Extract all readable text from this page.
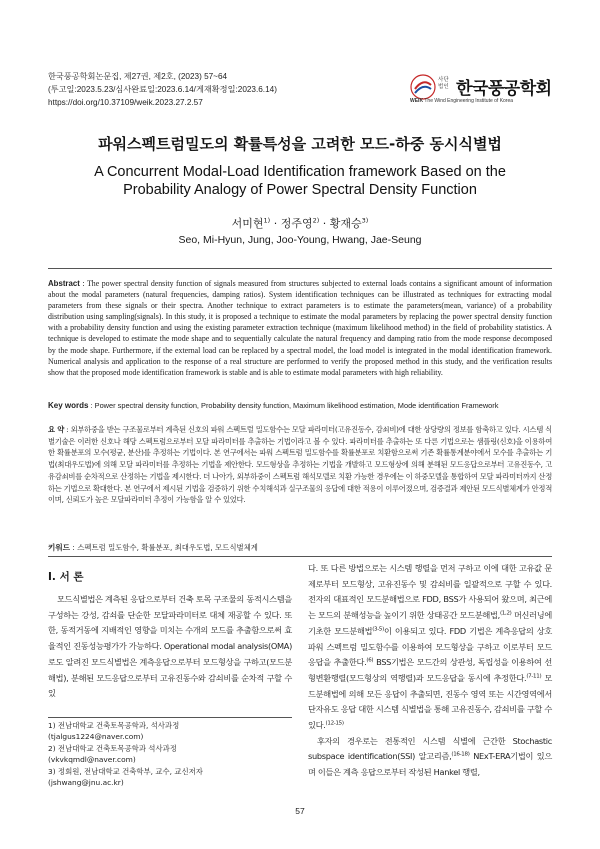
한국풍공학회논문집, 제27권, 제2호, (2023) 57~64
(투고일:2023.5.23/심사완료일:2023.6.14/게재확정일:2023.6.14)
https://doi.org/10.37109/weik.2023.27.2.57
사단
법인 한국풍공학회
WEIK The Wind Engineering Institute of Korea
파워스펙트럼밀도의 확률특성을 고려한 모드-하중 동시식별법
A Concurrent Modal-Load Identification framework Based on the Probability Analogy of Power Spectral Density Function
서미현$^{1)}$ · 정주영$^{2)}$ · 황재승$^{3)}$
Seo, Mi-Hyun, Jung, Joo-Young, Hwang, Jae-Seung
Abstract : The power spectral density function of signals measured from structures subjected to external loads contains a significant amount of information about the modal parameters (natural frequencies, damping ratios). System identification techniques can be illustrated as techniques for extracting modal parameters from these signals or their spectra. Another technique to extract parameters is to estimate the parameters(mean, variance) of a probability distribution using sampling(signals). In this study, it is proposed a technique to estimate the modal parameters by replacing the power spectral density function with a probability density function and using the existing parameter extraction technique (maximum likelihood method) in the field of probability statistics. A technique is developed to estimate the mode shape and to sequentially calculate the natural frequency and damping ratio from the mode response decomposed by the mode shape. Furthermore, if the external load can be replaced by a spectral model, the load model is integrated in the modal identification framework. Numerical analysis and application to the response of a real structure are performed to verify the proposed method in this study, and the verification results show that the proposed mode identification framework is stable and is able to estimate modal parameters with high reliability.
Key words : Power spectral density function, Probability density function, Maximum likelihood estimation, Mode identification Framework
요 약 : 외부하중을 받는 구조물로부터 계측된 신호의 파워 스펙트럴 밀도함수는 모달 파라미터(고유진동수, 감쇠비)에 대한 상당량의 정보를 함축하고 있다. 시스템 식별기술은 이러한 신호나 해당 스펙트럼으로부터 모달 파라미터를 추출하는 기법이라고 볼 수 있다. 파라미터를 추출하는 또 다른 기법으로는 샘플링(신호)을 이용하여한 확률분포의 모수(평균, 분산)를 추정하는 기법이다. 본 연구에서는 파워 스펙트럼 밀도함수를 확률분포로 치환함으로써 기존 확률통계분야에서 모수를 추출하는 기법(최대우도법)에 의해 모달 파라미터를 추정하는 기법을 제안한다. 모드형상을 추정하는 기법을 개발하고 모드형상에 의해 분해된 모드응답으로부터 고유진동수, 고유감쇠비를 순차적으로 산정하는 기법을 제시한다. 더 나아가, 외부하중이 스펙트럼 해석모델로 치환 가능한 경우에는 이 하중모델을 통합하여 모달 파라미터까지 산정하는 기법으로 확대한다. 본 연구에서 제시된 기법을 검증하기 위한 수치해석과 실구조물의 응답에 대한 적용이 이루어졌으며, 검증결과 제안된 모드식별체계가 안정적이며, 신뢰도가 높은 모달파라미터 추정이 가능함을 알 수 있었다.
키워드 : 스펙트럼 밀도함수, 확률분포, 최대우도법, 모드식별체계
I. 서 론

모드식별법은 계측된 응답으로부터 건축 토목 구조물의 동적시스템을 구성하는 강성, 감쇠를 단순한 모달파라미터로 대체 재공할 수 있다. 또한, 동적거동에 지배적인 영향을 미치는 수개의 모드를 추출함으로써 효율적인 진동성능평가가 가능하다. Operational modal analysis(OMA)로도 알려진 모드식별법은 계측응답으로부터 모드형상을 구하고(모드분해법), 분해된 모드응답으로부터 고유진동수와 감쇠비를 순차적 구할 수 있

1) 전남대학교 건축토목공학과, 석사과정
(tjalgus1224@naver.com)
2) 전남대학교 건축토목공학과 석사과정
(vkvkqmdl@naver.com)
3) 정회원, 전남대학교 건축학부, 교수, 교신저자
(jshwang@jnu.ac.kr)

다. 또 다른 방법으로는 시스템 행렬을 먼저 구하고 이에 대한 고유값 문제로부터 모드형상, 고유진동수 및 감쇠비를 일괄적으로 구할 수 있다. 전자의 대표적인 모드분해법으로 FDD, BSS가 사용되어 왔으며, 최근에는 모드의 분해성능을 높이기 위한 상태공간 모드분해법,$^{(1,2)}$ 머신러닝에 기초한 모드분해법$^{(3-5)}$이 이용되고 있다. FDD 기법은 계측응답의 상호파워 스펙트럼 밀도함수를 이용하여 모드형상을 구하고 이로부터 모드응답을 추출한다.$^{(6)}$ BSS기법은 모드간의 상관성, 독립성을 이용하여 선형변환행렬(모드형상의 역행렬)과 모드응답을 동시에 추정한다.$^{(7-11)}$ 모드분해법에 의해 모든 응답이 추출되면, 진동수 영역 또는 시간영역에서 단자유도 응답 대한 시스템 식별법을 통해 고유진동수, 감쇠비를 구할 수 있다.$^{(12-15)}$

후자의 경우로는 전통적인 시스템 식별에 근간한 Stochastic subspace identification(SSI) 알고리즘,$^{(16-18)}$ NExT-ERA기법이 있으며 이들은 계측 응답으로부터 작성된 Hankel 행렬,

57
